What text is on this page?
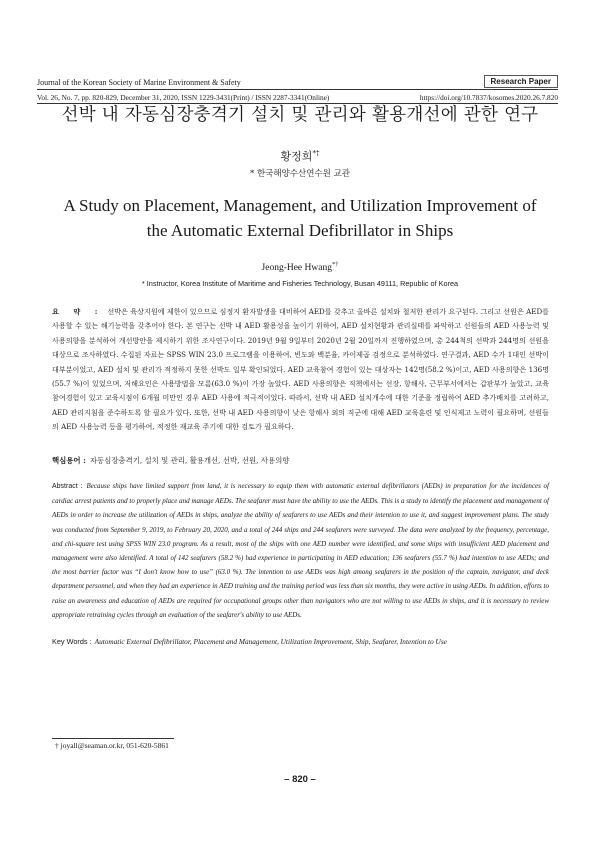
Journal of the Korean Society of Marine Environment & Safety	Research Paper
Vol. 26, No. 7, pp. 820-829, December 31, 2020, ISSN 1229-3431(Print) / ISSN 2287-3341(Online)	https://doi.org/10.7837/kosomes.2020.26.7.820
선박 내 자동심장충격기 설치 및 관리와 활용개선에 관한 연구
황정희*†
* 한국해양수산연수원 교관
A Study on Placement, Management, and Utilization Improvement of
the Automatic External Defibrillator in Ships
Jeong-Hee Hwang*†
* Instructor, Korea Institute of Maritime and Fisheries Technology, Busan 49111, Republic of Korea
요 약 : 선박은 육상지원에 제한이 있으므로 심정지 환자발생을 대비하여 AED를 갖추고 올바른 설치와 철저한 관리가 요구된다. 그리고 선원은 AED를 사용할 수 있는 해기능력을 갖추어야 한다. 본 연구는 선박 내 AED 활용성을 높이기 위하여, AED 설치현황과 관리실태를 파악하고 선원들의 AED 사용능력 및 사용의향을 분석하여 개선방안을 제시하기 위한 조사연구이다. 2019년 9월 9일부터 2020년 2월 20일까지 진행하였으며, 총 244척의 선박과 244명의 선원을 대상으로 조사하였다. 수집된 자료는 SPSS WIN 23.0 프로그램을 이용하여, 빈도와 백분율, 카이제곱 검정으로 분석하였다. 연구결과, AED 수가 1대인 선박이 대부분이었고, AED 설치 및 관리가 적정하지 못한 선박도 일부 확인되었다. AED 교육참여 경험이 있는 대상자는 142명(58.2 %)이고, AED 사용의향은 136명(55.7 %)이 있었으며, 저해요인은 사용방법을 모름(63.0 %)이 가장 높았다. AED 사용의향은 직책에서는 선장, 항해사, 근무부서에서는 갑판부가 높았고, 교육 참여경험이 있고 교육시점이 6개월 미만인 경우 AED 사용에 적극적이었다. 따라서, 선박 내 AED 설치개수에 대한 기준을 정립하여 AED 추가배치를 고려하고, AED 관리지침을 준수하도록 할 필요가 있다. 또한, 선박 내 AED 사용의향이 낮은 항해사 외의 직군에 대해 AED 교육훈련 및 인식제고 노력이 필요하며, 선원들의 AED 사용능력 등을 평가하여, 적정한 재교육 주기에 대한 검토가 필요하다.
핵심용어 : 자동심장충격기, 설치 및 관리, 활용개선, 선박, 선원, 사용의향
Abstract : Because ships have limited support from land, it is necessary to equip them with automatic external defibrillators (AEDs) in preparation for the incidences of cardiac arrest patients and to properly place and manage AEDs. The seafarer must have the ability to use the AEDs. This is a study to identify the placement and management of AEDs in order to increase the utilization of AEDs in ships, analyze the ability of seafarers to use AEDs and their intention to use it, and suggest improvement plans. The study was conducted from September 9, 2019, to February 20, 2020, and a total of 244 ships and 244 seafarers were surveyed. The data were analyzed by the frequency, percentage, and chi-square test using SPSS WIN 23.0 program. As a result, most of the ships with one AED number were identified, and some ships with insufficient AED placement and management were also identified. A total of 142 seafarers (58.2 %) had experience in participating in AED education; 136 seafarers (55.7 %) had intention to use AEDs; and the most barrier factor was “I don't know how to use” (63.0 %). The intention to use AEDs was high among seafarers in the position of the captain, navigator, and deck department personnel, and when they had an experience in AED training and the training period was less than six months, they were active in using AEDs. In addition, efforts to raise an awareness and education of AEDs are required for occupational groups other than navigators who are not willing to use AEDs in ships, and it is necessary to review appropriate retraining cycles through an evaluation of the seafarer's ability to use AEDs.
Key Words : Automatic External Defibrillator, Placement and Management, Utilization Improvement, Ship, Seafarer, Intention to Use
† joyall@seaman.or.kr, 051-620-5861
– 820 –
